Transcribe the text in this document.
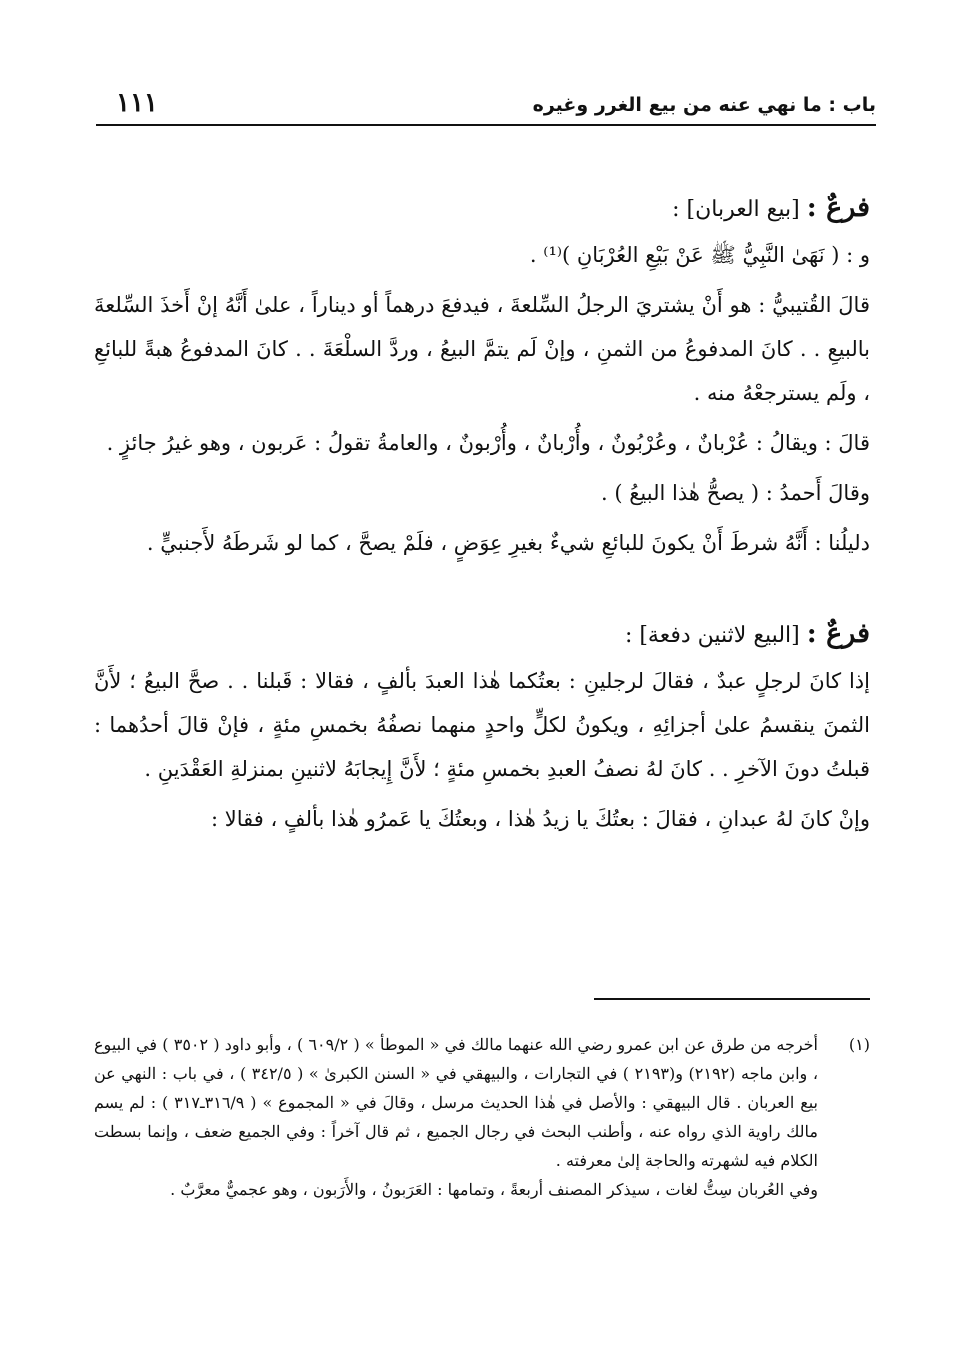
باب : ما نهي عنه من بيع الغرر وغيره
١١١
فرعٌ : [بيع العربان] :

و : ( نَهَىٰ النَّبِيُّ ﷺ عَنْ بَيْعِ العُرْبَانِ )⁽¹⁾ .

قالَ القُتيبيُّ : هو أَنْ يشتريَ الرجلُ السِّلعةَ ، فيدفعَ درهماً أو ديناراً ، علىٰ أَنَّهُ إنْ أَخذَ السِّلعةَ بالبيعِ . . كانَ المدفوعُ من الثمنِ ، وإنْ لَم يتمَّ البيعُ ، وردَّ السلْعَةَ . . كانَ المدفوعُ هبةً للبائعِ ، ولَم يسترجعْهُ منه .

قالَ : ويقالُ : عُرْبانٌ ، وعُرْبُونٌ ، وأُرْبانٌ ، وأُرْبونٌ ، والعامةُ تقولُ : عَربون ، وهو غيرُ جائزٍ .

وقالَ أَحمدُ : ( يصحُّ هٰذا البيعُ ) .

دليلُنا : أَنَّهُ شرطَ أَنْ يكونَ للبائعِ شيءٌ بغيرِ عِوَضٍ ، فلَمْ يصحَّ ، كما لو شَرطَهُ لأَجنبيٍّ .

فرعٌ : [البيع لاثنين دفعة] :

إذا كانَ لرجلٍ عبدٌ ، فقالَ لرجلينِ : بعتُكما هٰذا العبدَ بألفٍ ، فقالا : قَبلنا . . صحَّ البيعُ ؛ لأَنَّ الثمنَ ينقسمُ علىٰ أجزائِهِ ، ويكونُ لكلٍّ واحدٍ منهما نصفُهُ بخمسِ مئةٍ ، فإنْ قالَ أحدُهما : قبلتُ دونَ الآخرِ . . كانَ لهُ نصفُ العبدِ بخمسِ مئةٍ ؛ لأَنَّ إِيجابَهُ لاثنينِ بمنزلةِ العَقْدَينِ .

وإنْ كانَ لهُ عبدانِ ، فقالَ : بعتُكَ يا زيدُ هٰذا ، وبعتُكَ يا عَمرُو هٰذا بألفٍ ، فقالا :

(١)

أخرجه من طرق عن ابن عمرو رضي الله عنهما مالك في « الموطأ » ( ٦٠٩/٢ ) ، وأبو داود ( ٣٥٠٢ ) في البيوع ، وابن ماجه (٢١٩٢) و(٢١٩٣ ) في التجارات ، والبيهقي في « السنن الكبرىٰ » ( ٣٤٢/٥ ) ، في باب : النهي عن بيع العربان . قال البيهقي : والأصل في هٰذا الحديث مرسل ، وقالَ في « المجموع » ( ٣١٦/٩ـ٣١٧ ) : لم يسم مالك راوية الذي رواه عنه ، وأطنب البحث في رجال الجميع ، ثم قال آخراً : وفي الجميع ضعف ، وإنما بسطت الكلام فيه لشهرته والحاجة إلىٰ معرفته .

وفي العُربان سِتُّ لغات ، سيذكر المصنف أربعةً ، وتمامها : العَرَبونُ ، والأَرَبون ، وهو عجميٌّ معرَّبٌ .
